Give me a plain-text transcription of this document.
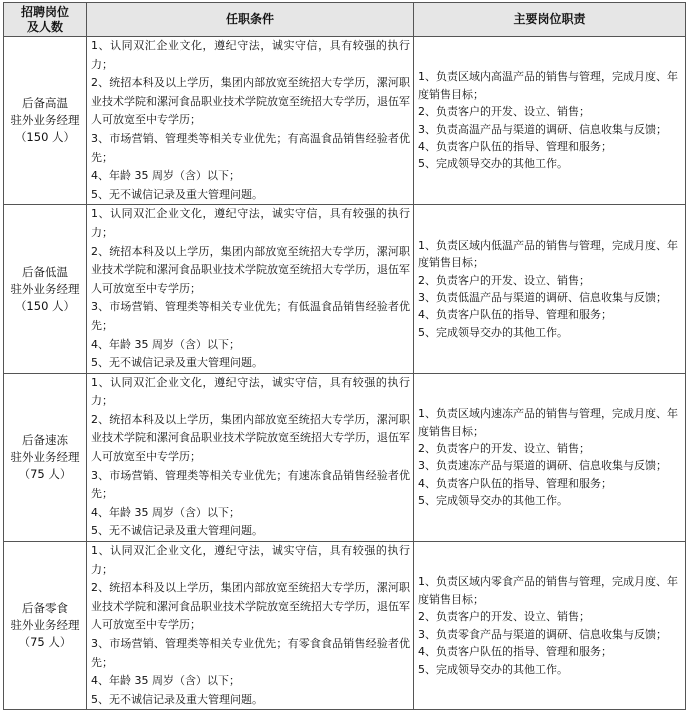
招聘岗位
及人数	任职条件	主要岗位职责

后备高温
驻外业务经理
（150 人）	1、认同双汇企业文化，遵纪守法，诚实守信，具有较强的执行力；
2、统招本科及以上学历，集团内部放宽至统招大专学历，漯河职业技术学院和漯河食品职业技术学院放宽至统招大专学历，退伍军人可放宽至中专学历；
3、市场营销、管理类等相关专业优先；有高温食品销售经验者优先；
4、年龄 35 周岁（含）以下；
5、无不诚信记录及重大管理问题。	1、负责区域内高温产品的销售与管理，完成月度、年度销售目标；
2、负责客户的开发、设立、销售；
3、负责高温产品与渠道的调研、信息收集与反馈；
4、负责客户队伍的指导、管理和服务；
5、完成领导交办的其他工作。

后备低温
驻外业务经理
（150 人）	1、认同双汇企业文化，遵纪守法，诚实守信，具有较强的执行力；
2、统招本科及以上学历，集团内部放宽至统招大专学历，漯河职业技术学院和漯河食品职业技术学院放宽至统招大专学历，退伍军人可放宽至中专学历；
3、市场营销、管理类等相关专业优先；有低温食品销售经验者优先；
4、年龄 35 周岁（含）以下；
5、无不诚信记录及重大管理问题。	1、负责区域内低温产品的销售与管理，完成月度、年度销售目标；
2、负责客户的开发、设立、销售；
3、负责低温产品与渠道的调研、信息收集与反馈；
4、负责客户队伍的指导、管理和服务；
5、完成领导交办的其他工作。

后备速冻
驻外业务经理
（75 人）	1、认同双汇企业文化，遵纪守法，诚实守信，具有较强的执行力；
2、统招本科及以上学历，集团内部放宽至统招大专学历，漯河职业技术学院和漯河食品职业技术学院放宽至统招大专学历，退伍军人可放宽至中专学历；
3、市场营销、管理类等相关专业优先；有速冻食品销售经验者优先；
4、年龄 35 周岁（含）以下；
5、无不诚信记录及重大管理问题。	1、负责区域内速冻产品的销售与管理，完成月度、年度销售目标；
2、负责客户的开发、设立、销售；
3、负责速冻产品与渠道的调研、信息收集与反馈；
4、负责客户队伍的指导、管理和服务；
5、完成领导交办的其他工作。

后备零食
驻外业务经理
（75 人）	1、认同双汇企业文化，遵纪守法，诚实守信，具有较强的执行力；
2、统招本科及以上学历，集团内部放宽至统招大专学历，漯河职业技术学院和漯河食品职业技术学院放宽至统招大专学历，退伍军人可放宽至中专学历；
3、市场营销、管理类等相关专业优先；有零食食品销售经验者优先；
4、年龄 35 周岁（含）以下；
5、无不诚信记录及重大管理问题。	1、负责区域内零食产品的销售与管理，完成月度、年度销售目标；
2、负责客户的开发、设立、销售；
3、负责零食产品与渠道的调研、信息收集与反馈；
4、负责客户队伍的指导、管理和服务；
5、完成领导交办的其他工作。
